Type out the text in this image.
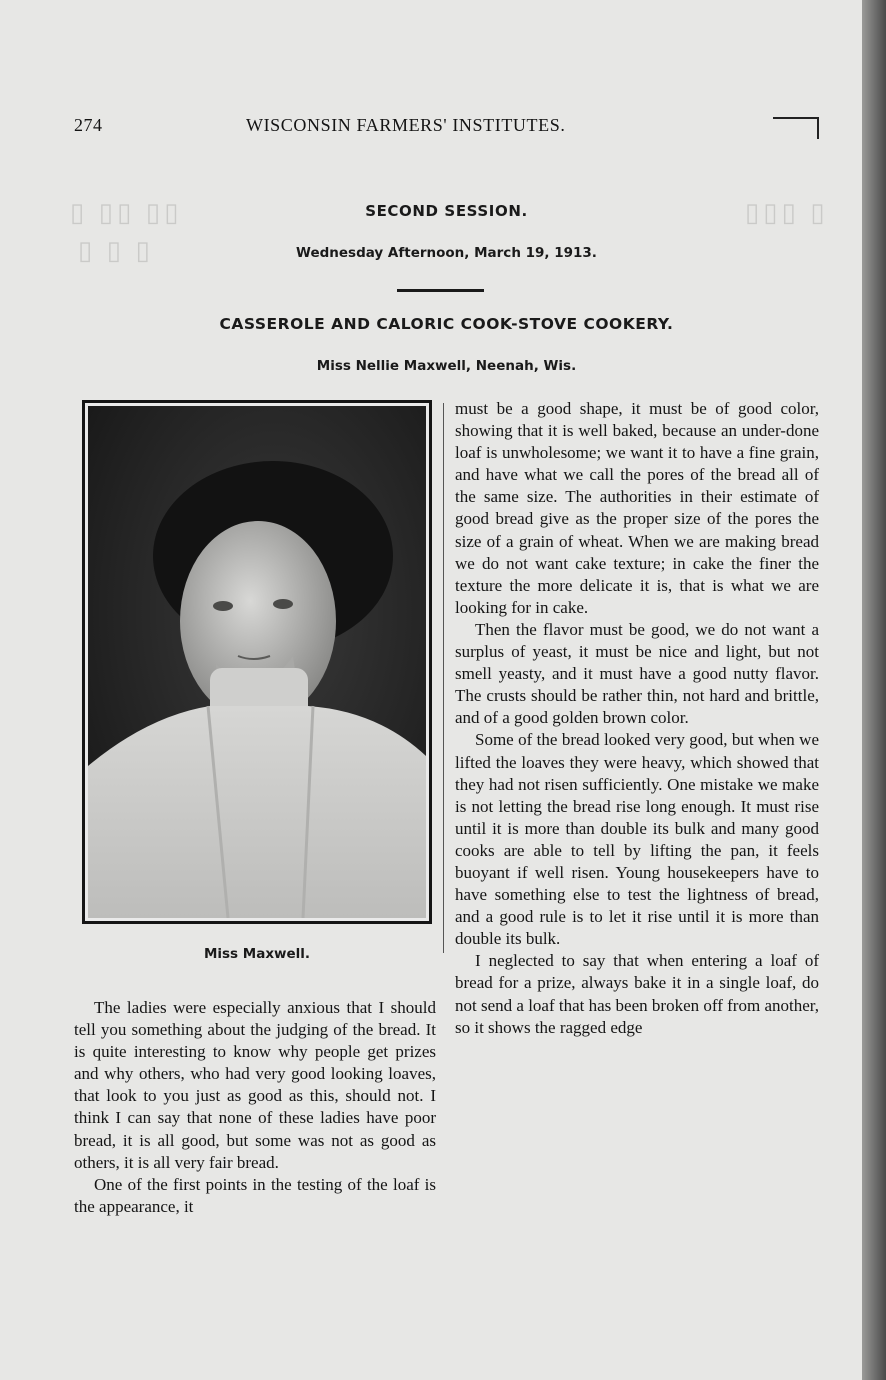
▯ ▯▯ ▯▯
▯ ▯ ▯
▯▯▯ ▯
274	WISCONSIN FARMERS' INSTITUTES.
SECOND SESSION.
Wednesday Afternoon, March 19, 1913.
CASSEROLE AND CALORIC COOK-STOVE COOKERY.
Miss Nellie Maxwell, Neenah, Wis.
Miss Maxwell.

The ladies were especially anxious that I should tell you something about the judging of the bread. It is quite interesting to know why people get prizes and why others, who had very good looking loaves, that look to you just as good as this, should not. I think I can say that none of these ladies have poor bread, it is all good, but some was not as good as others, it is all very fair bread.

One of the first points in the testing of the loaf is the appearance, it

must be a good shape, it must be of good color, showing that it is well baked, because an under-done loaf is unwholesome; we want it to have a fine grain, and have what we call the pores of the bread all of the same size. The authorities in their estimate of good bread give as the proper size of the pores the size of a grain of wheat. When we are making bread we do not want cake texture; in cake the finer the texture the more delicate it is, that is what we are looking for in cake.

Then the flavor must be good, we do not want a surplus of yeast, it must be nice and light, but not smell yeasty, and it must have a good nutty flavor. The crusts should be rather thin, not hard and brittle, and of a good golden brown color.

Some of the bread looked very good, but when we lifted the loaves they were heavy, which showed that they had not risen sufficiently. One mistake we make is not letting the bread rise long enough. It must rise until it is more than double its bulk and many good cooks are able to tell by lifting the pan, it feels buoyant if well risen. Young housekeepers have to have something else to test the lightness of bread, and a good rule is to let it rise until it is more than double its bulk.

I neglected to say that when entering a loaf of bread for a prize, always bake it in a single loaf, do not send a loaf that has been broken off from another, so it shows the ragged edge
